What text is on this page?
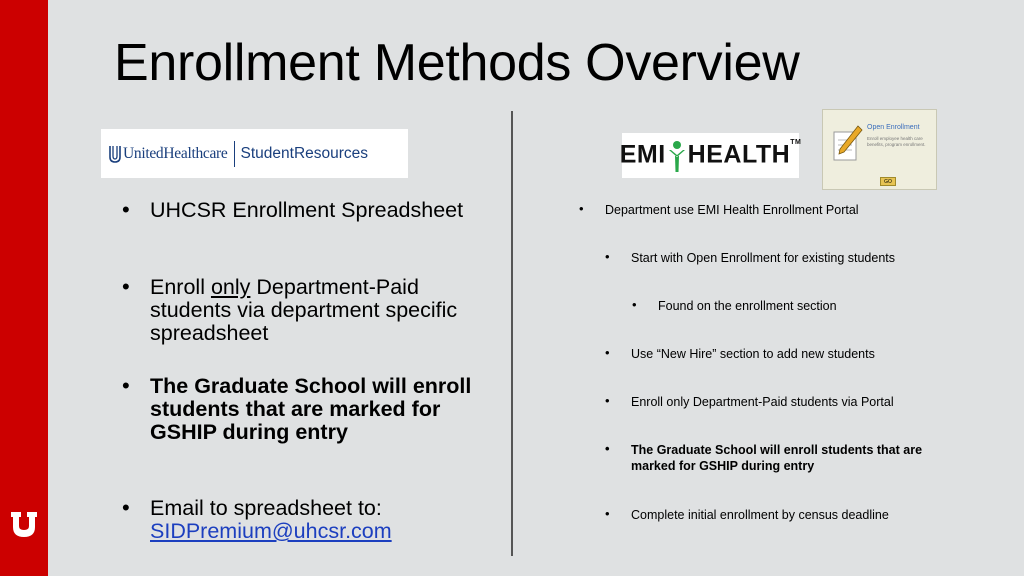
Enrollment Methods Overview
UnitedHealthcare StudentResources	EMI HEALTH™
Open Enrollment
Enroll employee health care benefits, program enrollment.
GO
• UHCSR Enrollment Spreadsheet
• Enroll only Department-Paid students via department specific spreadsheet
• The Graduate School will enroll students that are marked for GSHIP during entry
• Email to spreadsheet to:
SIDPremium@uhcsr.com
• Department use EMI Health Enrollment Portal
• Start with Open Enrollment for existing students
• Found on the enrollment section
• Use “New Hire” section to add new students
• Enroll only Department-Paid students via Portal
• The Graduate School will enroll students that are marked for GSHIP during entry
• Complete initial enrollment by census deadline
